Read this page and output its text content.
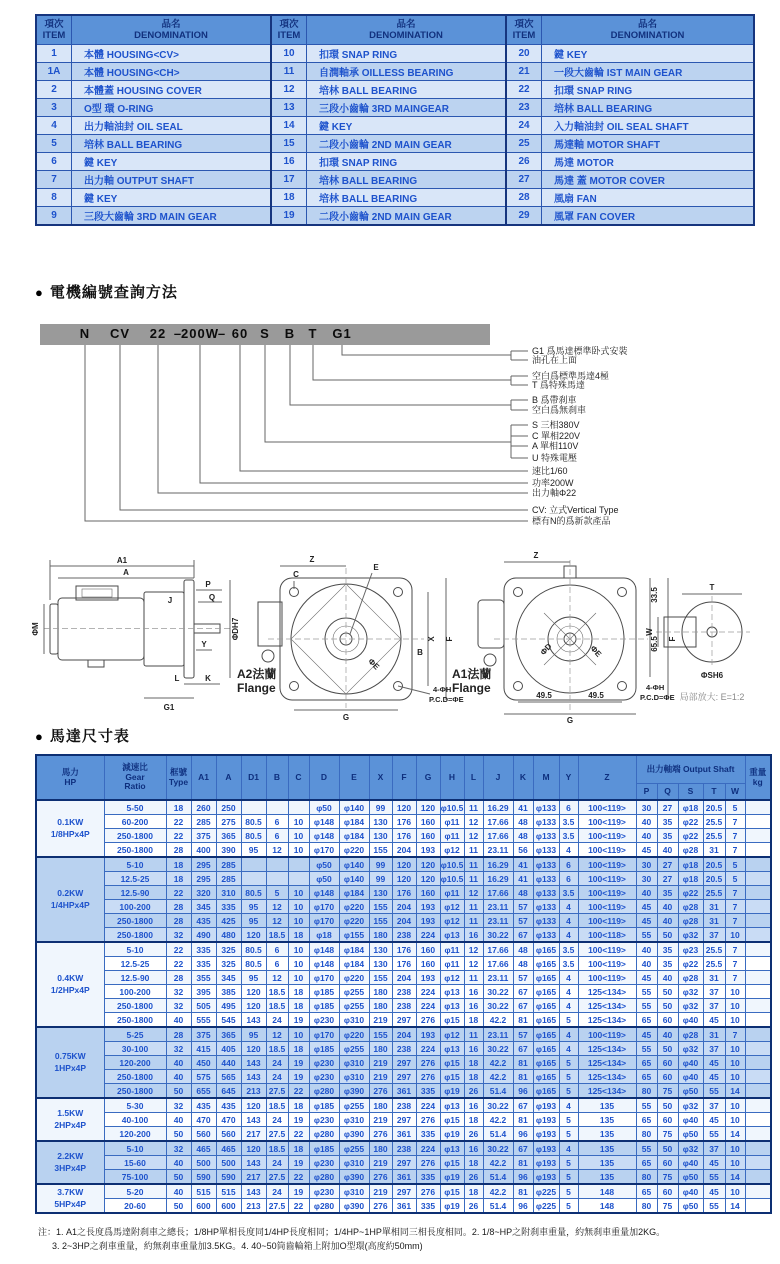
項次
ITEM

品名
DENOMINATION

項次
ITEM

品名
DENOMINATION

項次
ITEM

品名
DENOMINATION

1	本體 HOUSING<CV>	10	扣環 SNAP RING	20	鍵 KEY
1A	本體 HOUSING<CH>	11	自潤軸承 OILLESS BEARING	21	一段大齒輪 IST MAIN GEAR
2	本體蓋 HOUSING COVER	12	培林 BALL BEARING	22	扣環 SNAP RING
3	O型 環 O-RING	13	三段小齒輪 3RD MAINGEAR	23	培林 BALL BEARING
4	出力軸油封 OIL SEAL	14	鍵 KEY	24	入力軸油封 OIL SEAL SHAFT
5	培林 BALL BEARING	15	二段小齒輪 2ND MAIN GEAR	25	馬達軸 MOTOR SHAFT
6	鍵 KEY	16	扣環 SNAP RING	26	馬達 MOTOR
7	出力軸 OUTPUT SHAFT	17	培林 BALL BEARING	27	馬達 蓋 MOTOR COVER
8	鍵 KEY	18	培林 BALL BEARING	28	風扇 FAN
9	三段大齒輪 3RD MAIN GEAR	19	二段小齒輪 2ND MAIN GEAR	29	風罩 FAN COVER
● 電機編號查詢方法
N CV 22 –
200W
– 60 S B T G1
G1 爲馬達標準卧式安裝
油孔在上面
空白爲標準馬達4極
T 爲特殊馬達
B 爲帶刹車
空白爲無刹車
S 三相380V
C 單相220V
A 單相110V
U 特殊電壓
速比1/60
功率200W
出力軸Φ22
CV: 立式Vertical Type
標有N的爲新款產品
A1
A
P
Q
J
ΦM	ΦDH7
Y
L	K
G1
A2法蘭
Flange
Z
E
C
X F
B
ΦE
G
4-ΦH
P.C.D=ΦE
A1法蘭
Flange
Z
33.5
65.5 F
ΦD	ΦE
49.5	49.5
G
4-ΦH
P.C.D=ΦE
T
W
ΦSH6
局部放大: E=1:2
● 馬達尺寸表
馬力
HP

減速比
Gear
Ratio

框號
Type	A1	A	D1	B	C	D	E	X	F	G	H	L	J	K	M	Y	Z

出力軸端 Output Shaft	重量
kg

																				P	Q	S	T	W	

0.1KW
1/8HPx4P	5-50	18	260	250				φ50	φ140	99	120	120	φ10.5	11	16.29	41	φ133	6	100<119>	30	27	φ18	20.5	5	
	60-200	22	285	275	80.5	6	10	φ148	φ184	130	176	160	φ11	12	17.66	48	φ133	3.5	100<119>	40	35	φ22	25.5	7	
	250-1800	22	375	365	80.5	6	10	φ148	φ184	130	176	160	φ11	12	17.66	48	φ133	3.5	100<119>	40	35	φ22	25.5	7	
	250-1800	28	400	390	95	12	10	φ170	φ220	155	204	193	φ12	11	23.11	56	φ133	4	100<119>	45	40	φ28	31	7	

0.2KW
1/4HPx4P	5-10	18	295	285				φ50	φ140	99	120	120	φ10.5	11	16.29	41	φ133	6	100<119>	30	27	φ18	20.5	5	
	12.5-25	18	295	285				φ50	φ140	99	120	120	φ10.5	11	16.29	41	φ133	6	100<119>	30	27	φ18	20.5	5	
	12.5-90	22	320	310	80.5	5	10	φ148	φ184	130	176	160	φ11	12	17.66	48	φ133	3.5	100<119>	40	35	φ22	25.5	7	
	100-200	28	345	335	95	12	10	φ170	φ220	155	204	193	φ12	11	23.11	57	φ133	4	100<119>	45	40	φ28	31	7	
	250-1800	28	435	425	95	12	10	φ170	φ220	155	204	193	φ12	11	23.11	57	φ133	4	100<119>	45	40	φ28	31	7	
	250-1800	32	490	480	120	18.5	18	φ18	φ155	180	238	224	φ13	16	30.22	67	φ133	4	100<118>	55	50	φ32	37	10	

0.4KW
1/2HPx4P	5-10	22	335	325	80.5	6	10	φ148	φ184	130	176	160	φ11	12	17.66	48	φ165	3.5	100<119>	40	35	φ23	25.5	7	
	12.5-25	22	335	325	80.5	6	10	φ148	φ184	130	176	160	φ11	12	17.66	48	φ165	3.5	100<119>	40	35	φ22	25.5	7	
	12.5-90	28	355	345	95	12	10	φ170	φ220	155	204	193	φ12	11	23.11	57	φ165	4	100<119>	45	40	φ28	31	7	
	100-200	32	395	385	120	18.5	18	φ185	φ255	180	238	224	φ13	16	30.22	67	φ165	4	125<134>	55	50	φ32	37	10	
	250-1800	32	505	495	120	18.5	18	φ185	φ255	180	238	224	φ13	16	30.22	67	φ165	4	125<134>	55	50	φ32	37	10	
	250-1800	40	555	545	143	24	19	φ230	φ310	219	297	276	φ15	18	42.2	81	φ165	5	125<134>	65	60	φ40	45	10	

0.75KW
1HPx4P	5-25	28	375	365	95	12	10	φ170	φ220	155	204	193	φ12	11	23.11	57	φ165	4	100<119>	45	40	φ28	31	7	
	30-100	32	415	405	120	18.5	18	φ185	φ255	180	238	224	φ13	16	30.22	67	φ165	4	125<134>	55	50	φ32	37	10	
	120-200	40	450	440	143	24	19	φ230	φ310	219	297	276	φ15	18	42.2	81	φ165	5	125<134>	65	60	φ40	45	10	
	250-1800	40	575	565	143	24	19	φ230	φ310	219	297	276	φ15	18	42.2	81	φ165	5	125<134>	65	60	φ40	45	10	
	250-1800	50	655	645	213	27.5	22	φ280	φ390	276	361	335	φ19	26	51.4	96	φ165	5	125<134>	80	75	φ50	55	14	

1.5KW
2HPx4P	5-30	32	435	435	120	18.5	18	φ185	φ255	180	238	224	φ13	16	30.22	67	φ193	4	135	55	50	φ32	37	10	
	40-100	40	470	470	143	24	19	φ230	φ310	219	297	276	φ15	18	42.2	81	φ193	5	135	65	60	φ40	45	10	
	120-200	50	560	560	217	27.5	22	φ280	φ390	276	361	335	φ19	26	51.4	96	φ193	5	135	80	75	φ50	55	14	

2.2KW
3HPx4P	5-10	32	465	465	120	18.5	18	φ185	φ255	180	238	224	φ13	16	30.22	67	φ193	4	135	55	50	φ32	37	10	
	15-60	40	500	500	143	24	19	φ230	φ310	219	297	276	φ15	18	42.2	81	φ193	5	135	65	60	φ40	45	10	
	75-100	50	590	590	217	27.5	22	φ280	φ390	276	361	335	φ19	26	51.4	96	φ193	5	135	80	75	φ50	55	14	

3.7KW
5HPx4P	5-20	40	515	515	143	24	19	φ230	φ310	219	297	276	φ15	18	42.2	81	φ225	5	148	65	60	φ40	45	10	
	20-60	50	600	600	213	27.5	22	φ280	φ390	276	361	335	φ19	26	51.4	96	φ225	5	148	80	75	φ50	55	14	
注：1. A1之長度爲馬達附刹車之總長；1/8HP單相長度同1/4HP長度相同；1/4HP~1HP單相同三相長度相同。2. 1/8~HP之附刹車重量，約無刹車重量加2KG。
3. 2~3HP之刹車重量，約無刹車重量加3.5KG。4. 40~50筒齒輪箱上附加O型環(高度約50mm)
